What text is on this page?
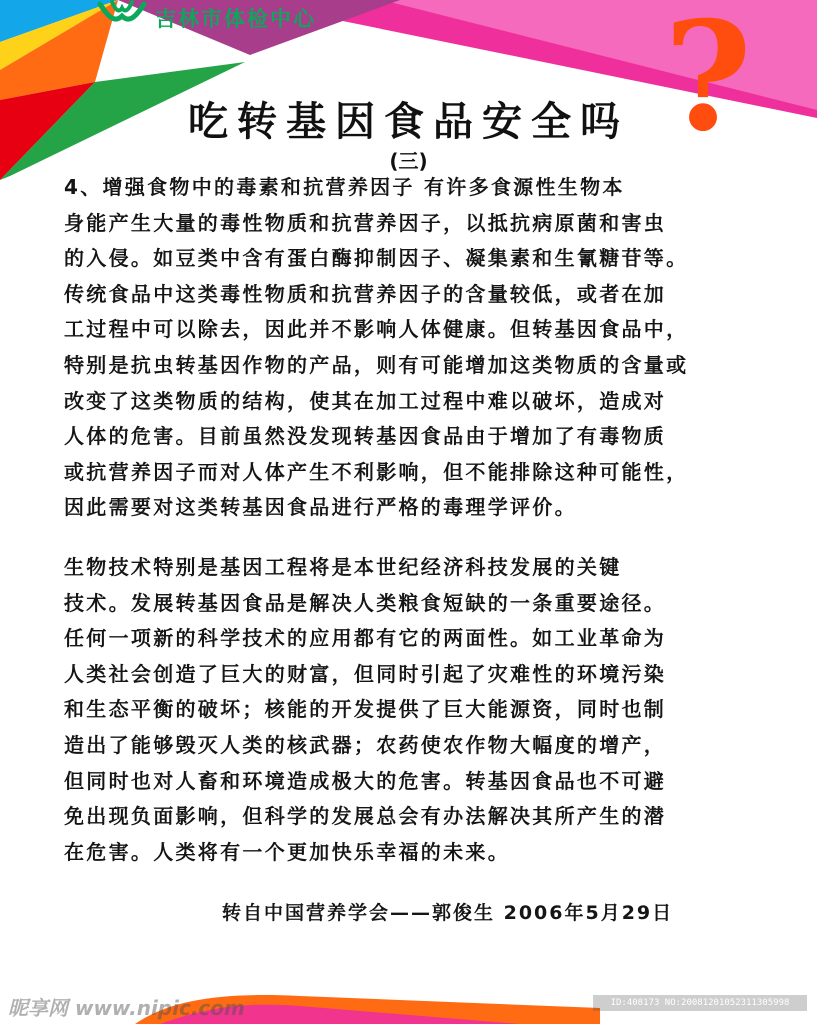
吉林市体检中心 ?
吃转基因食品安全吗
(三)
4、增强食物中的毒素和抗营养因子 有许多食源性生物本
身能产生大量的毒性物质和抗营养因子，以抵抗病原菌和害虫
的入侵。如豆类中含有蛋白酶抑制因子、凝集素和生氰糖苷等。
传统食品中这类毒性物质和抗营养因子的含量较低，或者在加
工过程中可以除去，因此并不影响人体健康。但转基因食品中，
特别是抗虫转基因作物的产品，则有可能增加这类物质的含量或
改变了这类物质的结构，使其在加工过程中难以破坏，造成对
人体的危害。目前虽然没发现转基因食品由于增加了有毒物质
或抗营养因子而对人体产生不利影响，但不能排除这种可能性，
因此需要对这类转基因食品进行严格的毒理学评价。
生物技术特别是基因工程将是本世纪经济科技发展的关键
技术。发展转基因食品是解决人类粮食短缺的一条重要途径。
任何一项新的科学技术的应用都有它的两面性。如工业革命为
人类社会创造了巨大的财富，但同时引起了灾难性的环境污染
和生态平衡的破坏；核能的开发提供了巨大能源资，同时也制
造出了能够毁灭人类的核武器；农药使农作物大幅度的增产，
但同时也对人畜和环境造成极大的危害。转基因食品也不可避
免出现负面影响，但科学的发展总会有办法解决其所产生的潜
在危害。人类将有一个更加快乐幸福的未来。
转自中国营养学会——郭俊生 2006年5月29日
昵享网 www.nipic.com	ID:408173 NO:20081201052311305998
